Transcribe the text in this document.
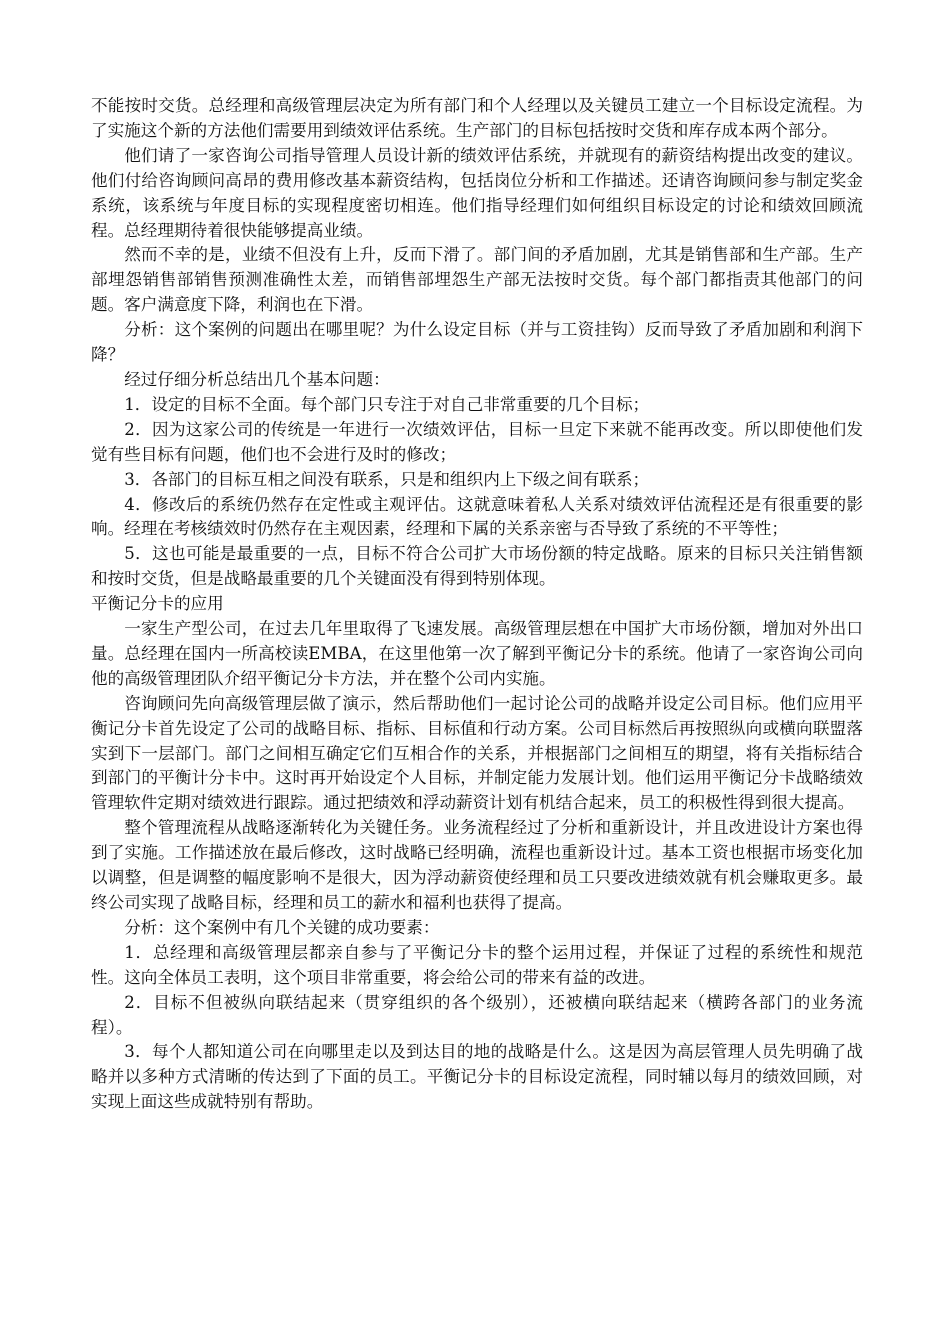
不能按时交货。总经理和高级管理层决定为所有部门和个人经理以及关键员工建立一个目标设定流程。为了实施这个新的方法他们需要用到绩效评估系统。生产部门的目标包括按时交货和库存成本两个部分。

他们请了一家咨询公司指导管理人员设计新的绩效评估系统，并就现有的薪资结构提出改变的建议。他们付给咨询顾问高昂的费用修改基本薪资结构，包括岗位分析和工作描述。还请咨询顾问参与制定奖金系统，该系统与年度目标的实现程度密切相连。他们指导经理们如何组织目标设定的讨论和绩效回顾流程。总经理期待着很快能够提高业绩。

然而不幸的是，业绩不但没有上升，反而下滑了。部门间的矛盾加剧，尤其是销售部和生产部。生产部埋怨销售部销售预测准确性太差，而销售部埋怨生产部无法按时交货。每个部门都指责其他部门的问题。客户满意度下降，利润也在下滑。

分析：这个案例的问题出在哪里呢？为什么设定目标（并与工资挂钩）反而导致了矛盾加剧和利润下降？

经过仔细分析总结出几个基本问题：

1．设定的目标不全面。每个部门只专注于对自己非常重要的几个目标；

2．因为这家公司的传统是一年进行一次绩效评估，目标一旦定下来就不能再改变。所以即使他们发觉有些目标有问题，他们也不会进行及时的修改；

3．各部门的目标互相之间没有联系，只是和组织内上下级之间有联系；

4．修改后的系统仍然存在定性或主观评估。这就意味着私人关系对绩效评估流程还是有很重要的影响。经理在考核绩效时仍然存在主观因素，经理和下属的关系亲密与否导致了系统的不平等性；

5．这也可能是最重要的一点，目标不符合公司扩大市场份额的特定战略。原来的目标只关注销售额和按时交货，但是战略最重要的几个关键面没有得到特别体现。

平衡记分卡的应用

一家生产型公司，在过去几年里取得了飞速发展。高级管理层想在中国扩大市场份额，增加对外出口量。总经理在国内一所高校读EMBA，在这里他第一次了解到平衡记分卡的系统。他请了一家咨询公司向他的高级管理团队介绍平衡记分卡方法，并在整个公司内实施。

咨询顾问先向高级管理层做了演示，然后帮助他们一起讨论公司的战略并设定公司目标。他们应用平衡记分卡首先设定了公司的战略目标、指标、目标值和行动方案。公司目标然后再按照纵向或横向联盟落实到下一层部门。部门之间相互确定它们互相合作的关系，并根据部门之间相互的期望，将有关指标结合到部门的平衡计分卡中。这时再开始设定个人目标，并制定能力发展计划。他们运用平衡记分卡战略绩效管理软件定期对绩效进行跟踪。通过把绩效和浮动薪资计划有机结合起来，员工的积极性得到很大提高。

整个管理流程从战略逐渐转化为关键任务。业务流程经过了分析和重新设计，并且改进设计方案也得到了实施。工作描述放在最后修改，这时战略已经明确，流程也重新设计过。基本工资也根据市场变化加以调整，但是调整的幅度影响不是很大，因为浮动薪资使经理和员工只要改进绩效就有机会赚取更多。最终公司实现了战略目标，经理和员工的薪水和福利也获得了提高。

分析：这个案例中有几个关键的成功要素：

1．总经理和高级管理层都亲自参与了平衡记分卡的整个运用过程，并保证了过程的系统性和规范性。这向全体员工表明，这个项目非常重要，将会给公司的带来有益的改进。

2．目标不但被纵向联结起来（贯穿组织的各个级别），还被横向联结起来（横跨各部门的业务流程）。

3．每个人都知道公司在向哪里走以及到达目的地的战略是什么。这是因为高层管理人员先明确了战略并以多种方式清晰的传达到了下面的员工。平衡记分卡的目标设定流程，同时辅以每月的绩效回顾，对实现上面这些成就特别有帮助。
